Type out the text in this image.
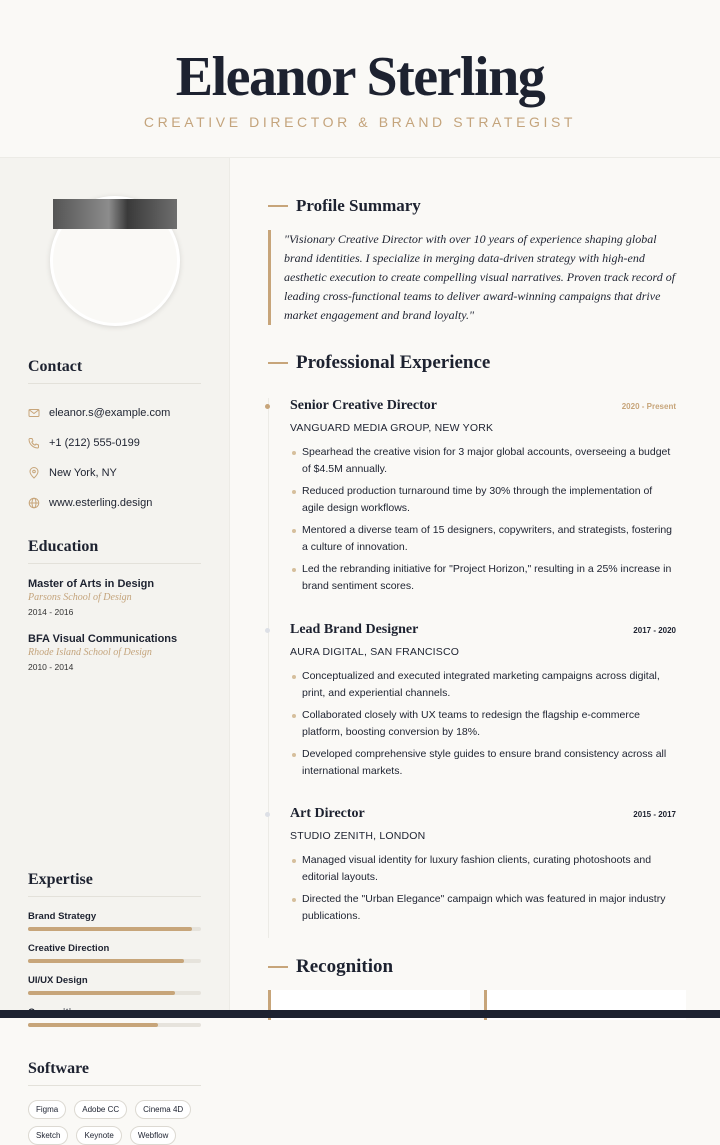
Eleanor Sterling
CREATIVE DIRECTOR & BRAND STRATEGIST
Contact
eleanor.s@example.com
+1 (212) 555-0199
New York, NY
www.esterling.design
Education
Master of Arts in Design
Parsons School of Design
2014 - 2016
BFA Visual Communications
Rhode Island School of Design
2010 - 2014
Expertise
Brand Strategy
Creative Direction
UI/UX Design
Software
Figma	Adobe CC	Cinema 4D
Sketch	Keynote	Webflow
Profile Summary
"Visionary Creative Director with over 10 years of experience shaping global brand identities. I specialize in merging data-driven strategy with high-end aesthetic execution to create compelling visual narratives. Proven track record of leading cross-functional teams to deliver award-winning campaigns that drive market engagement and brand loyalty."
Professional Experience
Senior Creative Director	2020 - Present
VANGUARD MEDIA GROUP, NEW YORK
Spearhead the creative vision for 3 major global accounts, overseeing a budget of $4.5M annually.
Reduced production turnaround time by 30% through the implementation of agile design workflows.
Mentored a diverse team of 15 designers, copywriters, and strategists, fostering a culture of innovation.
Led the rebranding initiative for "Project Horizon," resulting in a 25% increase in brand sentiment scores.
Lead Brand Designer	2017 - 2020
AURA DIGITAL, SAN FRANCISCO
Conceptualized and executed integrated marketing campaigns across digital, print, and experiential channels.
Collaborated closely with UX teams to redesign the flagship e-commerce platform, boosting conversion by 18%.
Developed comprehensive style guides to ensure brand consistency across all international markets.
Art Director	2015 - 2017
STUDIO ZENITH, LONDON
Managed visual identity for luxury fashion clients, curating photoshoots and editorial layouts.
Directed the "Urban Elegance" campaign which was featured in major industry publications.
Recognition
